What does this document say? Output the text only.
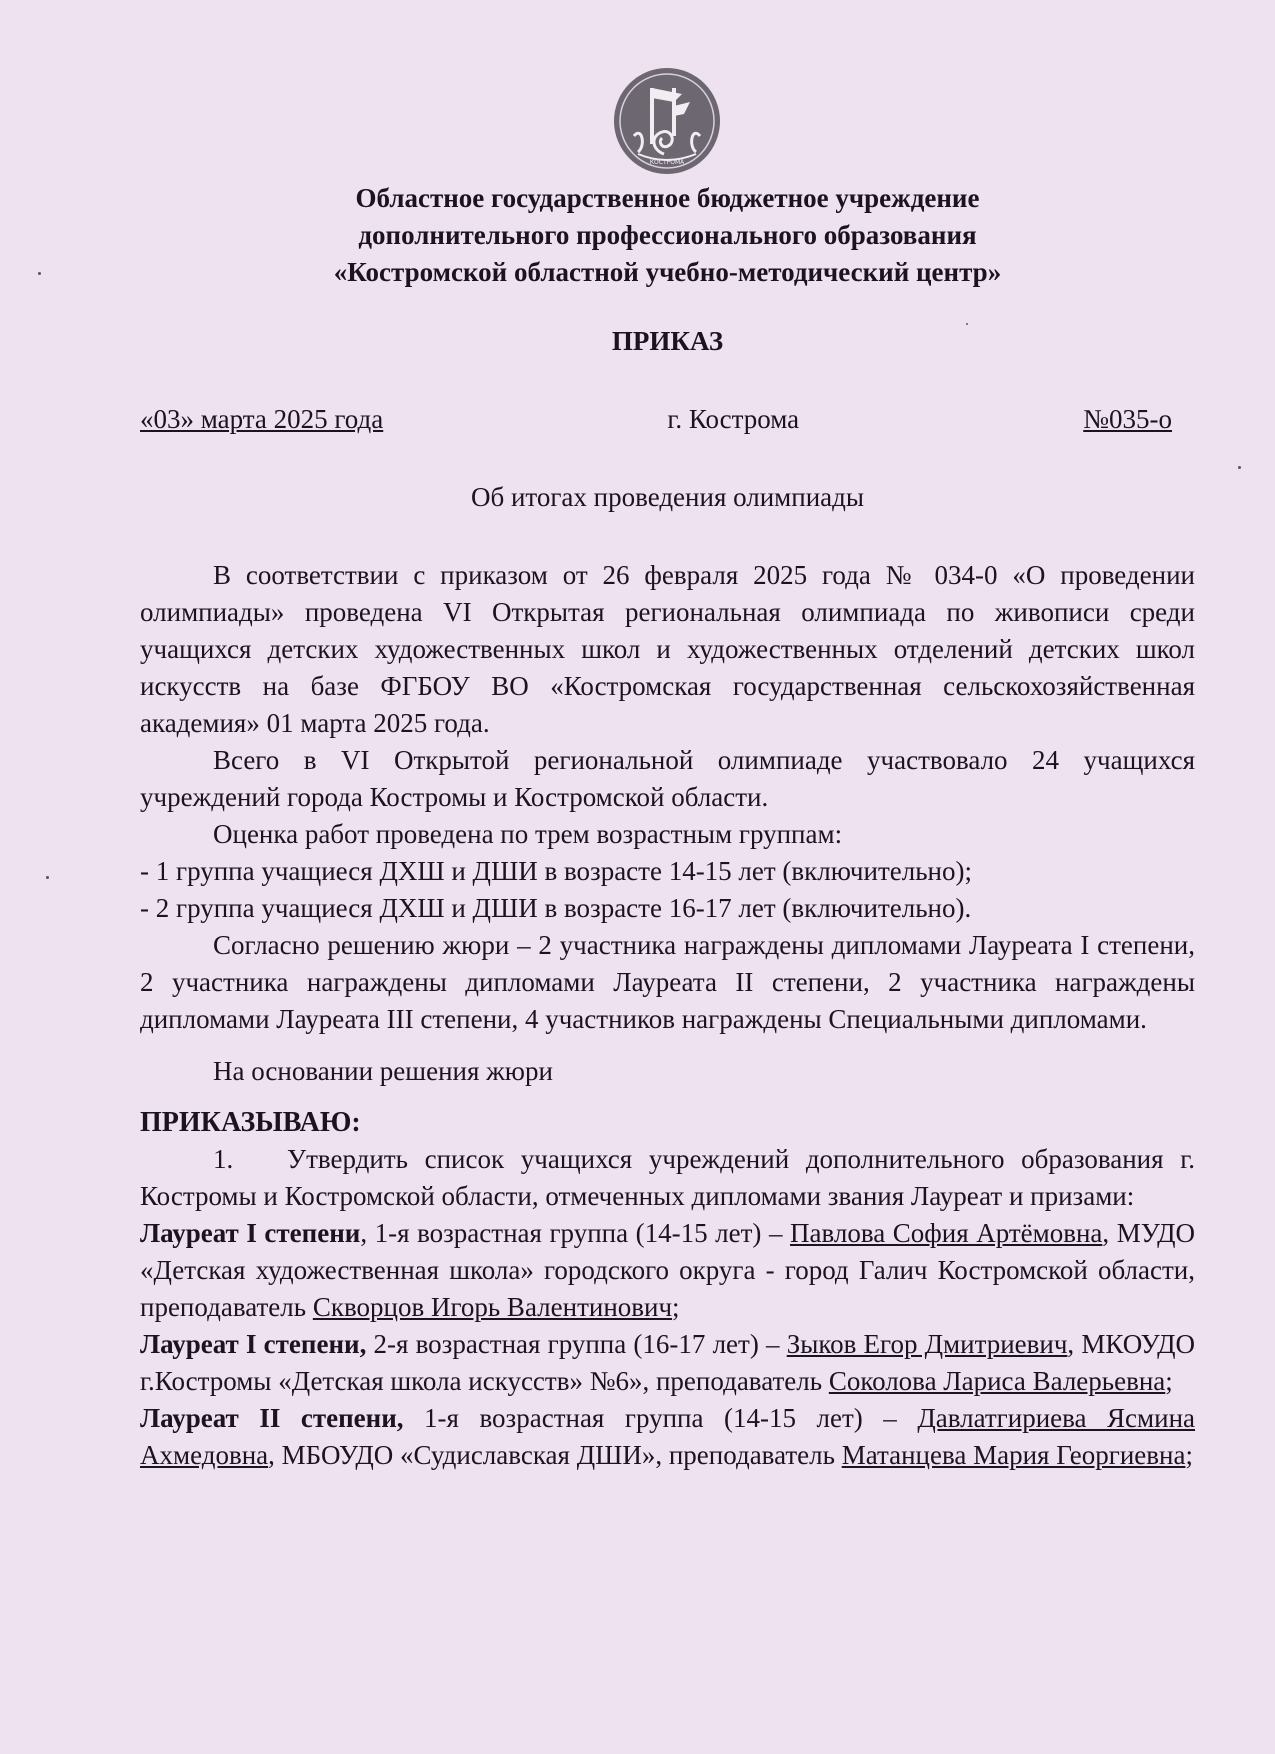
КОСТРОМА
Областное государственное бюджетное учреждение
дополнительного профессионального образования
«Костромской областной учебно-методический центр»
ПРИКАЗ
«03» марта 2025 года	г. Кострома	№035-о
Об итогах проведения олимпиады

В соответствии с приказом от 26 февраля 2025 года № 034-0 «О проведении олимпиады» проведена VI Открытая региональная олимпиада по живописи среди учащихся детских художественных школ и художественных отделений детских школ искусств на базе ФГБОУ ВО «Костромская государственная сельскохозяйственная академия» 01 марта 2025 года.

Всего в VI Открытой региональной олимпиаде участвовало 24 учащихся учреждений города Костромы и Костромской области.

Оценка работ проведена по трем возрастным группам:

- 1 группа учащиеся ДХШ и ДШИ в возрасте 14-15 лет (включительно);

- 2 группа учащиеся ДХШ и ДШИ в возрасте 16-17 лет (включительно).

Согласно решению жюри – 2 участника награждены дипломами Лауреата I степени, 2 участника награждены дипломами Лауреата II степени, 2 участника награждены дипломами Лауреата III степени, 4 участников награждены Специальными дипломами.

На основании решения жюри

ПРИКАЗЫВАЮ:

1. Утвердить список учащихся учреждений дополнительного образования г. Костромы и Костромской области, отмеченных дипломами звания Лауреат и призами:

Лауреат I степени, 1-я возрастная группа (14-15 лет) – Павлова София Артёмовна, МУДО «Детская художественная школа» городского округа - город Галич Костромской области, преподаватель Скворцов Игорь Валентинович;

Лауреат I степени, 2-я возрастная группа (16-17 лет) – Зыков Егор Дмитриевич, МКОУДО г.Костромы «Детская школа искусств» №6», преподаватель Соколова Лариса Валерьевна;

Лауреат II степени, 1-я возрастная группа (14-15 лет) – Давлатгириева Ясмина Ахмедовна, МБОУДО «Судиславская ДШИ», преподаватель Матанцева Мария Георгиевна;
